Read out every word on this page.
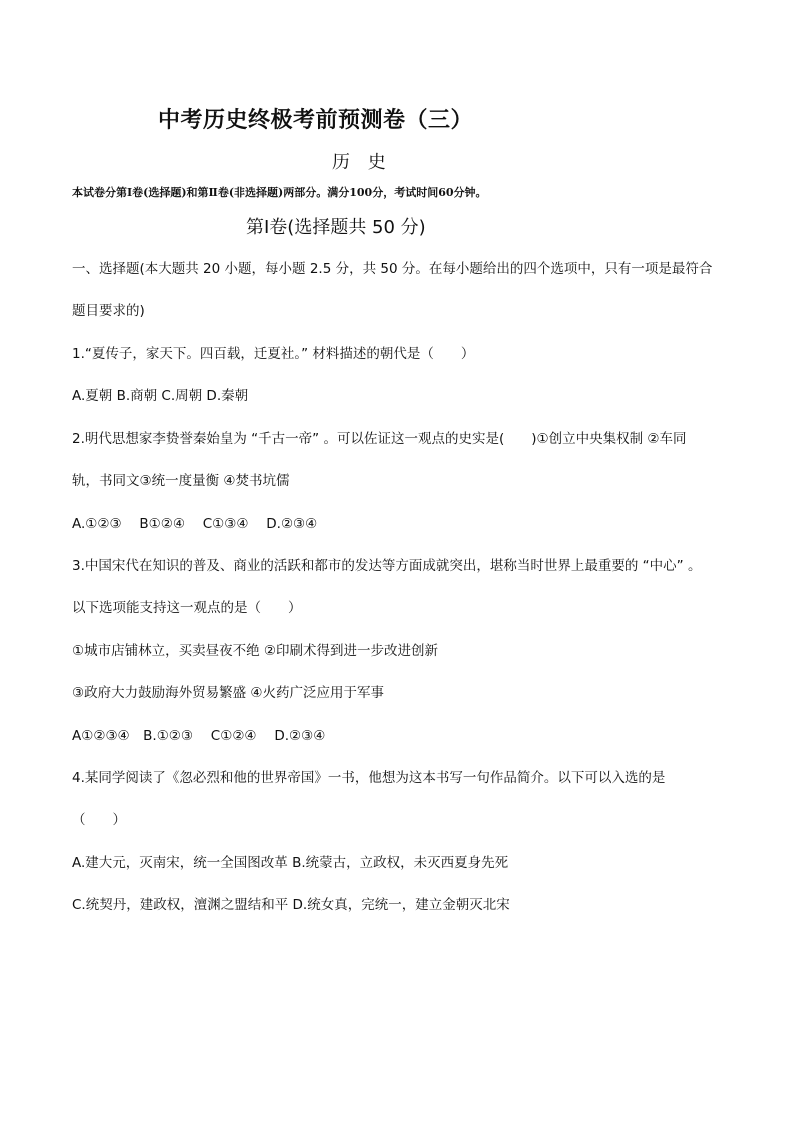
中考历史终极考前预测卷（三）
历 史
本试卷分第Ⅰ卷(选择题)和第Ⅱ卷(非选择题)两部分。满分100分，考试时间60分钟。
第Ⅰ卷(选择题共 50 分)
一、选择题(本大题共 20 小题，每小题 2.5 分，共 50 分。在每小题给出的四个选项中，只有一项是最符合
题目要求的)
1.“夏传子，家天下。四百载，迁夏社。” 材料描述的朝代是（　　）
A.夏朝 B.商朝 C.周朝 D.秦朝
2.明代思想家李贽誉秦始皇为 “千古一帝” 。可以佐证这一观点的史实是(　　)①创立中央集权制 ②车同
轨，书同文③统一度量衡 ④焚书坑儒
A.①②③　 B①②④　 C①③④　 D.②③④
3.中国宋代在知识的普及、商业的活跃和都市的发达等方面成就突出，堪称当时世界上最重要的 “中心” 。
以下选项能支持这一观点的是（　　）
①城市店铺林立，买卖昼夜不绝 ②印刷术得到进一步改进创新
③政府大力鼓励海外贸易繁盛 ④火药广泛应用于军事
A①②③④　B.①②③　 C①②④　 D.②③④
4.某同学阅读了《忽必烈和他的世界帝国》一书，他想为这本书写一句作品简介。以下可以入选的是
（　　）
A.建大元，灭南宋，统一全国图改革 B.统蒙古，立政权，未灭西夏身先死
C.统契丹，建政权，澶渊之盟结和平 D.统女真，完统一，建立金朝灭北宋
